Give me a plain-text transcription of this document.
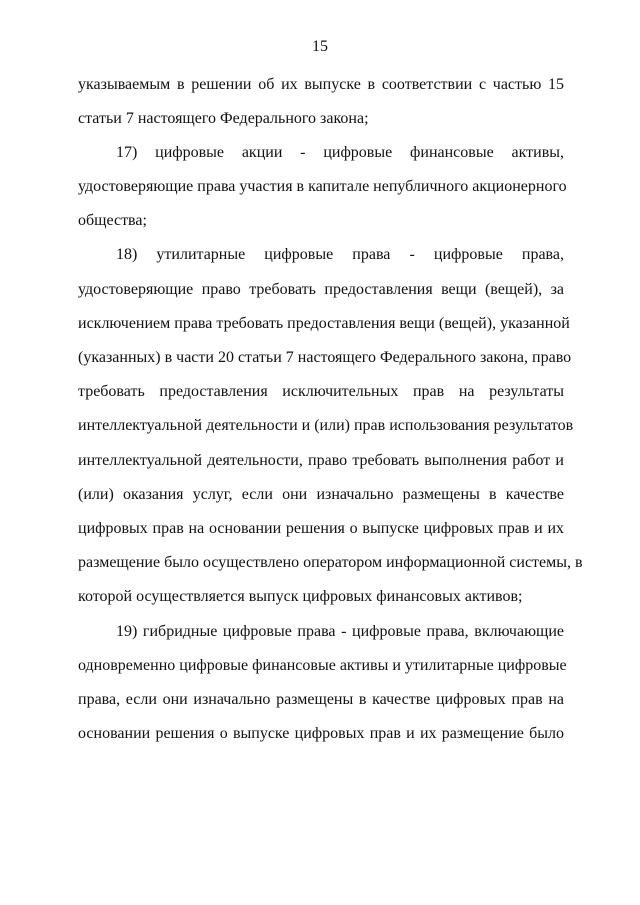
15
указываемым в решении об их выпуске в соответствии с частью 15
статьи 7 настоящего Федерального закона;
17) цифровые акции - цифровые финансовые активы,
удостоверяющие права участия в капитале непубличного акционерного
общества;
18) утилитарные цифровые права - цифровые права,
удостоверяющие право требовать предоставления вещи (вещей), за
исключением права требовать предоставления вещи (вещей), указанной
(указанных) в части 20 статьи 7 настоящего Федерального закона, право
требовать предоставления исключительных прав на результаты
интеллектуальной деятельности и (или) прав использования результатов
интеллектуальной деятельности, право требовать выполнения работ и
(или) оказания услуг, если они изначально размещены в качестве
цифровых прав на основании решения о выпуске цифровых прав и их
размещение было осуществлено оператором информационной системы, в
которой осуществляется выпуск цифровых финансовых активов;
19) гибридные цифровые права - цифровые права, включающие
одновременно цифровые финансовые активы и утилитарные цифровые
права, если они изначально размещены в качестве цифровых прав на
основании решения о выпуске цифровых прав и их размещение было
